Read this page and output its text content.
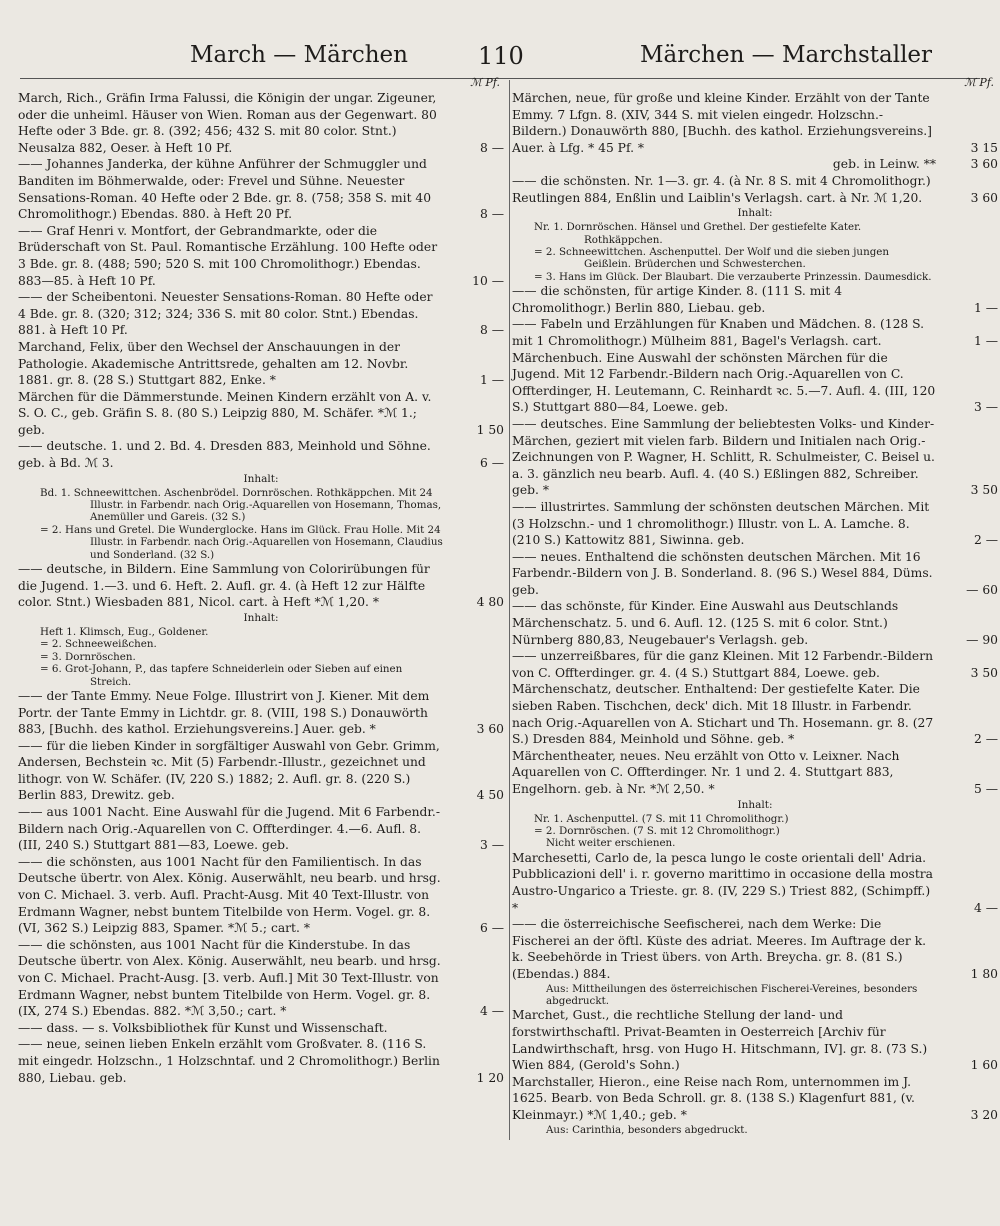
March — Märchen	110	Märchen — Marchstaller
ℳ Pf.
March, Rich., Gräfin Irma Falussi, die Königin der ungar. Zigeuner, oder die unheiml. Häuser von Wien. Roman aus der Gegenwart. 80 Hefte oder 3 Bde. gr. 8. (392; 456; 432 S. mit 80 color. Stnt.) Neusalza 882, Oeser. à Heft 10 Pf.	8 —
—— Johannes Janderka, der kühne Anführer der Schmuggler und Banditen im Böhmerwalde, oder: Frevel und Sühne. Neuester Sensations-Roman. 40 Hefte oder 2 Bde. gr. 8. (758; 358 S. mit 40 Chromolithogr.) Ebendas. 880. à Heft 20 Pf.	8 —
—— Graf Henri v. Montfort, der Gebrandmarkte, oder die Brüderschaft von St. Paul. Romantische Erzählung. 100 Hefte oder 3 Bde. gr. 8. (488; 590; 520 S. mit 100 Chromolithogr.) Ebendas. 883—85. à Heft 10 Pf.	10 —
—— der Scheibentoni. Neuester Sensations-Roman. 80 Hefte oder 4 Bde. gr. 8. (320; 312; 324; 336 S. mit 80 color. Stnt.) Ebendas. 881. à Heft 10 Pf.	8 —
Marchand, Felix, über den Wechsel der Anschauungen in der Pathologie. Akademische Antrittsrede, gehalten am 12. Novbr. 1881. gr. 8. (28 S.) Stuttgart 882, Enke. *	1 —
Märchen für die Dämmerstunde. Meinen Kindern erzählt von A. v. S. O. C., geb. Gräfin S. 8. (80 S.) Leipzig 880, M. Schäfer. *ℳ 1.; geb.	1 50
—— deutsche. 1. und 2. Bd. 4. Dresden 883, Meinhold und Söhne. geb. à Bd. ℳ 3.	6 —
Inhalt:
Bd. 1. Schneewittchen. Aschenbrödel. Dornröschen. Rothkäppchen. Mit 24 Illustr. in Farbendr. nach Orig.-Aquarellen von Hosemann, Thomas, Anemüller und Gareis. (32 S.)
= 2. Hans und Gretel. Die Wunderglocke. Hans im Glück. Frau Holle. Mit 24 Illustr. in Farbendr. nach Orig.-Aquarellen von Hosemann, Claudius und Sonderland. (32 S.)
—— deutsche, in Bildern. Eine Sammlung von Colorirübungen für die Jugend. 1.—3. und 6. Heft. 2. Aufl. gr. 4. (à Heft 12 zur Hälfte color. Stnt.) Wiesbaden 881, Nicol. cart. à Heft *ℳ 1,20. *	4 80
Inhalt:
Heft 1. Klimsch, Eug., Goldener.
= 2. Schneeweißchen.
= 3. Dornröschen.
= 6. Grot-Johann, P., das tapfere Schneiderlein oder Sieben auf einen Streich.
—— der Tante Emmy. Neue Folge. Illustrirt von J. Kiener. Mit dem Portr. der Tante Emmy in Lichtdr. gr. 8. (VIII, 198 S.) Donauwörth 883, [Buchh. des kathol. Erziehungsvereins.] Auer. geb. *	3 60
—— für die lieben Kinder in sorgfältiger Auswahl von Gebr. Grimm, Andersen, Bechstein ꝛc. Mit (5) Farbendr.-Illustr., gezeichnet und lithogr. von W. Schäfer. (IV, 220 S.) 1882; 2. Aufl. gr. 8. (220 S.) Berlin 883, Drewitz. geb.	4 50
—— aus 1001 Nacht. Eine Auswahl für die Jugend. Mit 6 Farbendr.-Bildern nach Orig.-Aquarellen von C. Offterdinger. 4.—6. Aufl. 8. (III, 240 S.) Stuttgart 881—83, Loewe. geb.	3 —
—— die schönsten, aus 1001 Nacht für den Familientisch. In das Deutsche übertr. von Alex. König. Auserwählt, neu bearb. und hrsg. von C. Michael. 3. verb. Aufl. Pracht-Ausg. Mit 40 Text-Illustr. von Erdmann Wagner, nebst buntem Titelbilde von Herm. Vogel. gr. 8. (VI, 362 S.) Leipzig 883, Spamer. *ℳ 5.; cart. *	6 —
—— die schönsten, aus 1001 Nacht für die Kinderstube. In das Deutsche übertr. von Alex. König. Auserwählt, neu bearb. und hrsg. von C. Michael. Pracht-Ausg. [3. verb. Aufl.] Mit 30 Text-Illustr. von Erdmann Wagner, nebst buntem Titelbilde von Herm. Vogel. gr. 8. (IX, 274 S.) Ebendas. 882. *ℳ 3,50.; cart. *	4 —
—— dass. — s. Volksbibliothek für Kunst und Wissenschaft.
—— neue, seinen lieben Enkeln erzählt vom Großvater. 8. (116 S. mit eingedr. Holzschn., 1 Holzschntaf. und 2 Chromolithogr.) Berlin 880, Liebau. geb.	1 20
ℳ Pf.
Märchen, neue, für große und kleine Kinder. Erzählt von der Tante Emmy. 7 Lfgn. 8. (XIV, 344 S. mit vielen eingedr. Holzschn.-Bildern.) Donauwörth 880, [Buchh. des kathol. Erziehungsvereins.] Auer. à Lfg. * 45 Pf. *	3 15
geb. in Leinw. **	3 60
—— die schönsten. Nr. 1—3. gr. 4. (à Nr. 8 S. mit 4 Chromolithogr.) Reutlingen 884, Enßlin und Laiblin's Verlagsh. cart. à Nr. ℳ 1,20.	3 60
Inhalt:
Nr. 1. Dornröschen. Hänsel und Grethel. Der gestiefelte Kater. Rothkäppchen.
= 2. Schneewittchen. Aschenputtel. Der Wolf und die sieben jungen Geißlein. Brüderchen und Schwesterchen.
= 3. Hans im Glück. Der Blaubart. Die verzauberte Prinzessin. Daumesdick.
—— die schönsten, für artige Kinder. 8. (111 S. mit 4 Chromolithogr.) Berlin 880, Liebau. geb.	1 —
—— Fabeln und Erzählungen für Knaben und Mädchen. 8. (128 S. mit 1 Chromolithogr.) Mülheim 881, Bagel's Verlagsh. cart.	1 —
Märchenbuch. Eine Auswahl der schönsten Märchen für die Jugend. Mit 12 Farbendr.-Bildern nach Orig.-Aquarellen von C. Offterdinger, H. Leutemann, C. Reinhardt ꝛc. 5.—7. Aufl. 4. (III, 120 S.) Stuttgart 880—84, Loewe. geb.	3 —
—— deutsches. Eine Sammlung der beliebtesten Volks- und Kinder-Märchen, geziert mit vielen farb. Bildern und Initialen nach Orig.-Zeichnungen von P. Wagner, H. Schlitt, R. Schulmeister, C. Beisel u. a. 3. gänzlich neu bearb. Aufl. 4. (40 S.) Eßlingen 882, Schreiber. geb. *	3 50
—— illustrirtes. Sammlung der schönsten deutschen Märchen. Mit (3 Holzschn.- und 1 chromolithogr.) Illustr. von L. A. Lamche. 8. (210 S.) Kattowitz 881, Siwinna. geb.	2 —
—— neues. Enthaltend die schönsten deutschen Märchen. Mit 16 Farbendr.-Bildern von J. B. Sonderland. 8. (96 S.) Wesel 884, Düms. geb.	— 60
—— das schönste, für Kinder. Eine Auswahl aus Deutschlands Märchenschatz. 5. und 6. Aufl. 12. (125 S. mit 6 color. Stnt.) Nürnberg 880,83, Neugebauer's Verlagsh. geb.	— 90
—— unzerreißbares, für die ganz Kleinen. Mit 12 Farbendr.-Bildern von C. Offterdinger. gr. 4. (4 S.) Stuttgart 884, Loewe. geb.	3 50
Märchenschatz, deutscher. Enthaltend: Der gestiefelte Kater. Die sieben Raben. Tischchen, deck' dich. Mit 18 Illustr. in Farbendr. nach Orig.-Aquarellen von A. Stichart und Th. Hosemann. gr. 8. (27 S.) Dresden 884, Meinhold und Söhne. geb. *	2 —
Märchentheater, neues. Neu erzählt von Otto v. Leixner. Nach Aquarellen von C. Offterdinger. Nr. 1 und 2. 4. Stuttgart 883, Engelhorn. geb. à Nr. *ℳ 2,50. *	5 —
Inhalt:
Nr. 1. Aschenputtel. (7 S. mit 11 Chromolithogr.)
= 2. Dornröschen. (7 S. mit 12 Chromolithogr.)
Nicht weiter erschienen.
Marchesetti, Carlo de, la pesca lungo le coste orientali dell' Adria. Pubblicazioni dell' i. r. governo marittimo in occasione della mostra Austro-Ungarico a Trieste. gr. 8. (IV, 229 S.) Triest 882, (Schimpff.) *	4 —
—— die österreichische Seefischerei, nach dem Werke: Die Fischerei an der öftl. Küste des adriat. Meeres. Im Auftrage der k. k. Seebehörde in Triest übers. von Arth. Breycha. gr. 8. (81 S.) (Ebendas.) 884.	1 80
Aus: Mittheilungen des österreichischen Fischerei-Vereines, besonders abgedruckt.
Marchet, Gust., die rechtliche Stellung der land- und forstwirthschaftl. Privat-Beamten in Oesterreich [Archiv für Landwirthschaft, hrsg. von Hugo H. Hitschmann, IV]. gr. 8. (73 S.) Wien 884, (Gerold's Sohn.)	1 60
Marchstaller, Hieron., eine Reise nach Rom, unternommen im J. 1625. Bearb. von Beda Schroll. gr. 8. (138 S.) Klagenfurt 881, (v. Kleinmayr.) *ℳ 1,40.; geb. *	3 20
Aus: Carinthia, besonders abgedruckt.
